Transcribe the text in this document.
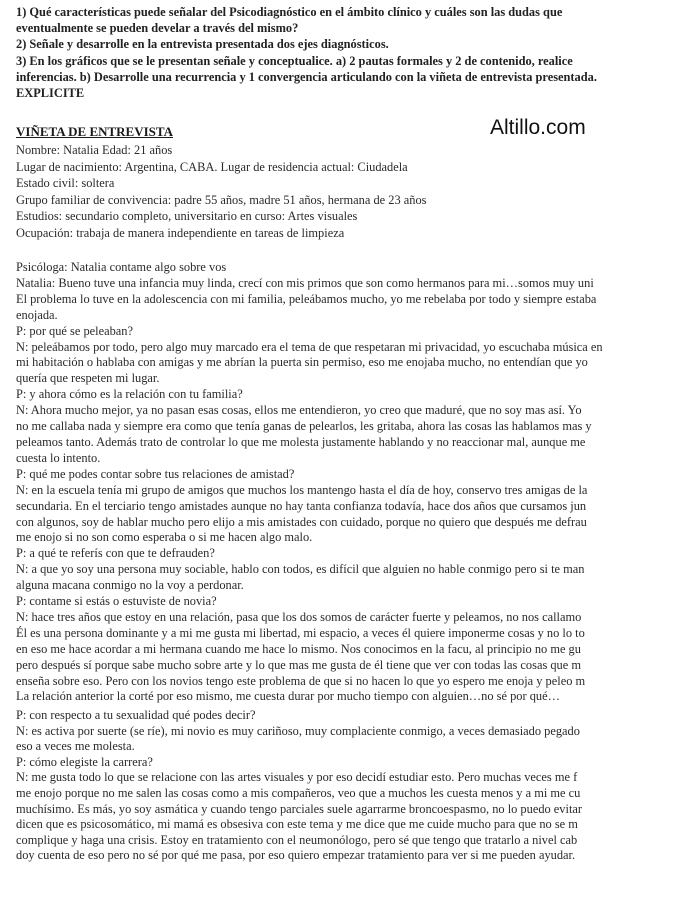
1) Qué características puede señalar del Psicodiagnóstico en el ámbito clínico y cuáles son las dudas que
eventualmente se pueden develar a través del mismo?
2) Señale y desarrolle en la entrevista presentada dos ejes diagnósticos.
3) En los gráficos que se le presentan señale y conceptualice. a) 2 pautas formales y 2 de contenido, realice
inferencias. b) Desarrolle una recurrencia y 1 convergencia articulando con la viñeta de entrevista presentada.
EXPLICITE
Altillo.com
VIÑETA DE ENTREVISTA
Nombre: Natalia Edad: 21 años
Lugar de nacimiento: Argentina, CABA. Lugar de residencia actual: Ciudadela
Estado civil: soltera
Grupo familiar de convivencia: padre 55 años, madre 51 años, hermana de 23 años
Estudios: secundario completo, universitario en curso: Artes visuales
Ocupación: trabaja de manera independiente en tareas de limpieza
Psicóloga: Natalia contame algo sobre vos
Natalia: Bueno tuve una infancia muy linda, crecí con mis primos que son como hermanos para mi…somos muy uni
El problema lo tuve en la adolescencia con mi familia, peleábamos mucho, yo me rebelaba por todo y siempre estaba
enojada.
P: por qué se peleaban?
N: peleábamos por todo, pero algo muy marcado era el tema de que respetaran mi privacidad, yo escuchaba música en
mi habitación o hablaba con amigas y me abrían la puerta sin permiso, eso me enojaba mucho, no entendían que yo
quería que respeten mi lugar.
P: y ahora cómo es la relación con tu familia?
N: Ahora mucho mejor, ya no pasan esas cosas, ellos me entendieron, yo creo que maduré, que no soy mas así. Yo
no me callaba nada y siempre era como que tenía ganas de pelearlos, les gritaba, ahora las cosas las hablamos mas y
peleamos tanto. Además trato de controlar lo que me molesta justamente hablando y no reaccionar mal, aunque me
cuesta lo intento.
P: qué me podes contar sobre tus relaciones de amistad?
N: en la escuela tenía mi grupo de amigos que muchos los mantengo hasta el día de hoy, conservo tres amigas de la
secundaria. En el terciario tengo amistades aunque no hay tanta confianza todavía, hace dos años que cursamos jun
con algunos, soy de hablar mucho pero elijo a mis amistades con cuidado, porque no quiero que después me defrau
me enojo si no son como esperaba o si me hacen algo malo.
P: a qué te referís con que te defrauden?
N: a que yo soy una persona muy sociable, hablo con todos, es difícil que alguien no hable conmigo pero si te man
alguna macana conmigo no la voy a perdonar.
P: contame si estás o estuviste de novia?
N: hace tres años que estoy en una relación, pasa que los dos somos de carácter fuerte y peleamos, no nos callamo
Él es una persona dominante y a mi me gusta mi libertad, mi espacio, a veces él quiere imponerme cosas y no lo to
en eso me hace acordar a mi hermana cuando me hace lo mismo. Nos conocimos en la facu, al principio no me gu
pero después sí porque sabe mucho sobre arte y lo que mas me gusta de él tiene que ver con todas las cosas que m
enseña sobre eso. Pero con los novios tengo este problema de que si no hacen lo que yo espero me enoja y peleo m
La relación anterior la corté por eso mismo, me cuesta durar por mucho tiempo con alguien…no sé por qué…
P: con respecto a tu sexualidad qué podes decir?
N: es activa por suerte (se ríe), mi novio es muy cariñoso, muy complaciente conmigo, a veces demasiado pegado
eso a veces me molesta.
P: cómo elegiste la carrera?
N: me gusta todo lo que se relacione con las artes visuales y por eso decidí estudiar esto. Pero muchas veces me f
me enojo porque no me salen las cosas como a mis compañeros, veo que a muchos les cuesta menos y a mi me cu
muchísimo. Es más, yo soy asmática y cuando tengo parciales suele agarrarme broncoespasmo, no lo puedo evitar
dicen que es psicosomático, mi mamá es obsesiva con este tema y me dice que me cuide mucho para que no se m
complique y haga una crisis. Estoy en tratamiento con el neumonólogo, pero sé que tengo que tratarlo a nivel cab
doy cuenta de eso pero no sé por qué me pasa, por eso quiero empezar tratamiento para ver si me pueden ayudar.
